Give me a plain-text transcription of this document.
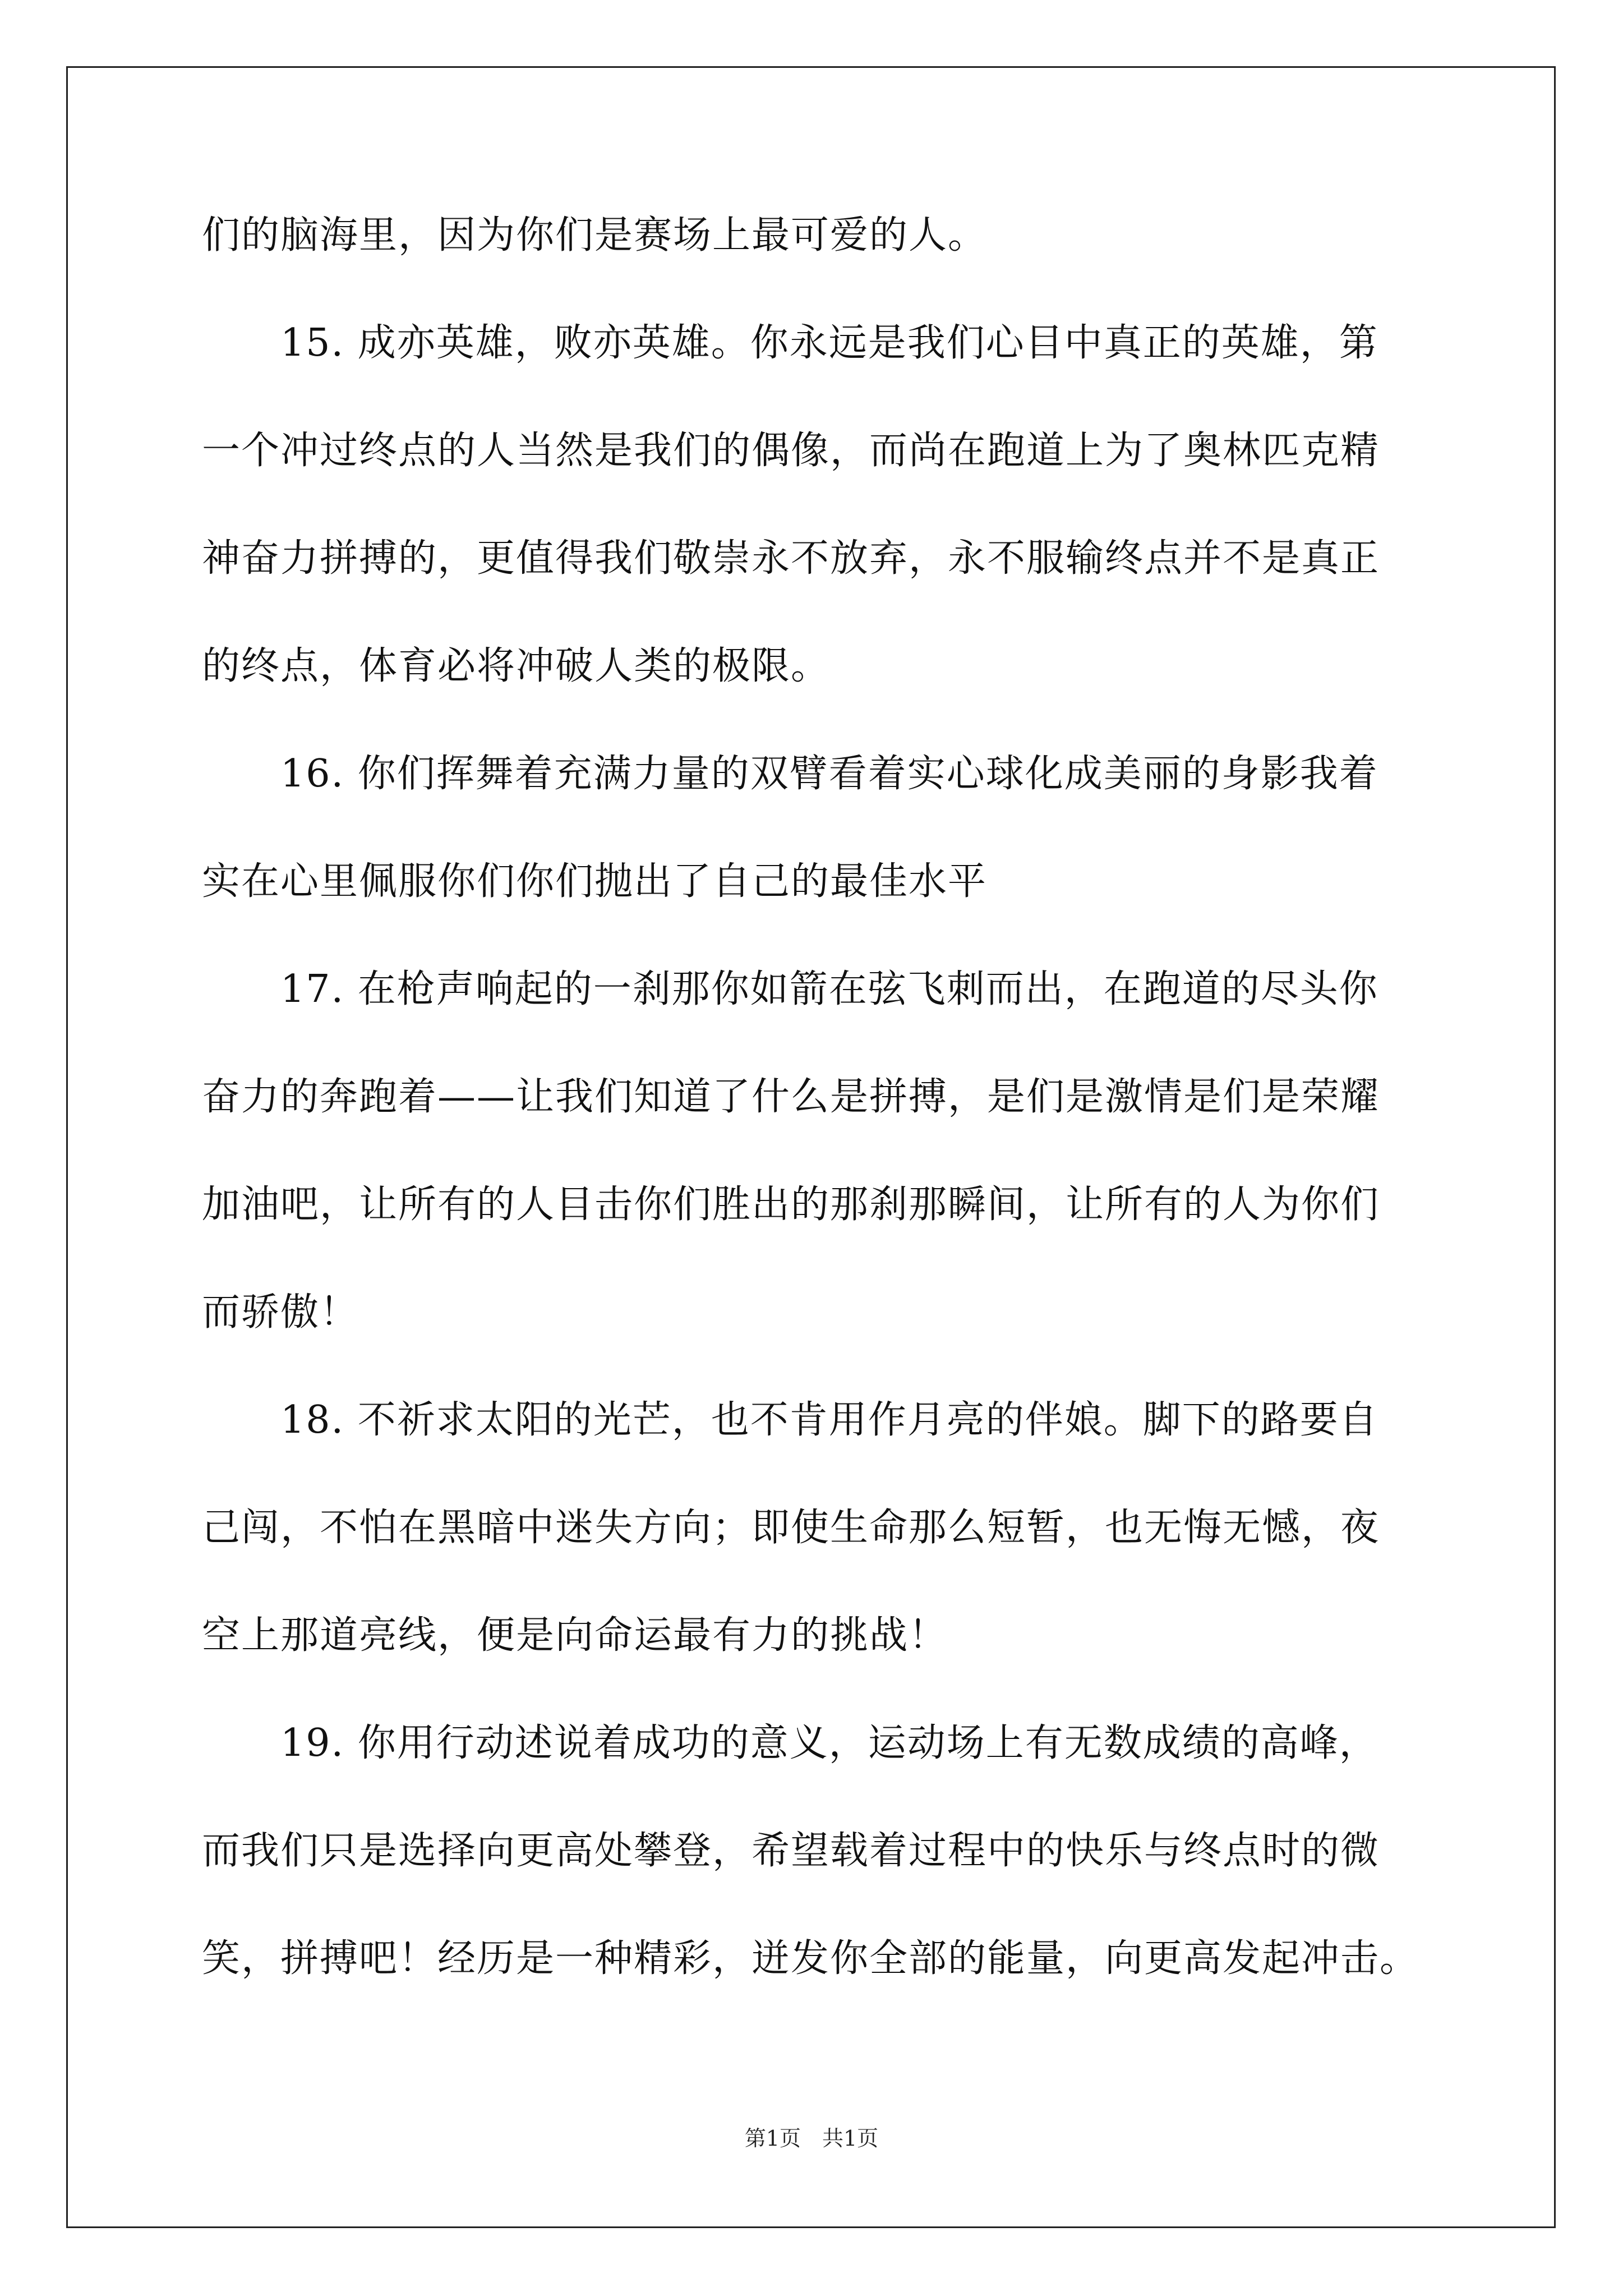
们的脑海里，因为你们是赛场上最可爱的人。
　　15. 成亦英雄，败亦英雄。你永远是我们心目中真正的英雄，第
一个冲过终点的人当然是我们的偶像，而尚在跑道上为了奥林匹克精
神奋力拼搏的，更值得我们敬崇永不放弃，永不服输终点并不是真正
的终点，体育必将冲破人类的极限。
　　16. 你们挥舞着充满力量的双臂看着实心球化成美丽的身影我着
实在心里佩服你们你们抛出了自己的最佳水平
　　17. 在枪声响起的一刹那你如箭在弦飞刺而出，在跑道的尽头你
奋力的奔跑着——让我们知道了什么是拼搏，是们是激情是们是荣耀
加油吧，让所有的人目击你们胜出的那刹那瞬间，让所有的人为你们
而骄傲！
　　18. 不祈求太阳的光芒，也不肯用作月亮的伴娘。脚下的路要自
己闯，不怕在黑暗中迷失方向；即使生命那么短暂，也无悔无憾，夜
空上那道亮线，便是向命运最有力的挑战！
　　19. 你用行动述说着成功的意义，运动场上有无数成绩的高峰，
而我们只是选择向更高处攀登，希望载着过程中的快乐与终点时的微
笑，拼搏吧！经历是一种精彩，迸发你全部的能量，向更高发起冲击。
第1页　共1页
